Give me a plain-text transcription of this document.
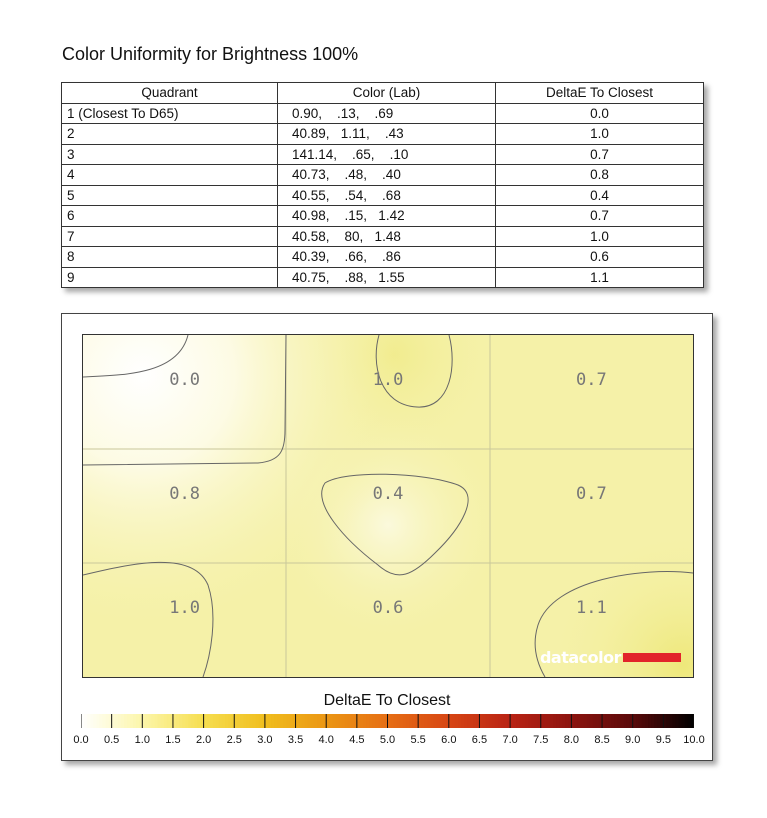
Color Uniformity for Brightness 100%
Quadrant	Color (Lab)	DeltaE To Closest
1 (Closest To D65)	0.90,    .13,    .69	0.0
2	40.89,   1.11,    .43	1.0
3	141.14,    .65,    .10	0.7
4	40.73,    .48,    .40	0.8
5	40.55,    .54,    .68	0.4
6	40.98,    .15,   1.42	0.7
7	40.58,    80,   1.48	1.0
8	40.39,    .66,    .86	0.6
9	40.75,    .88,   1.55	1.1
0.0	1.0	0.7
0.8	0.4	0.7
1.0	0.6	1.1
datacolor
DeltaE To Closest
0.0 0.5 1.0 1.5 2.0 2.5 3.0 3.5 4.0 4.5 5.0 5.5 6.0 6.5 7.0 7.5 8.0 8.5 9.0 9.5 10.0
